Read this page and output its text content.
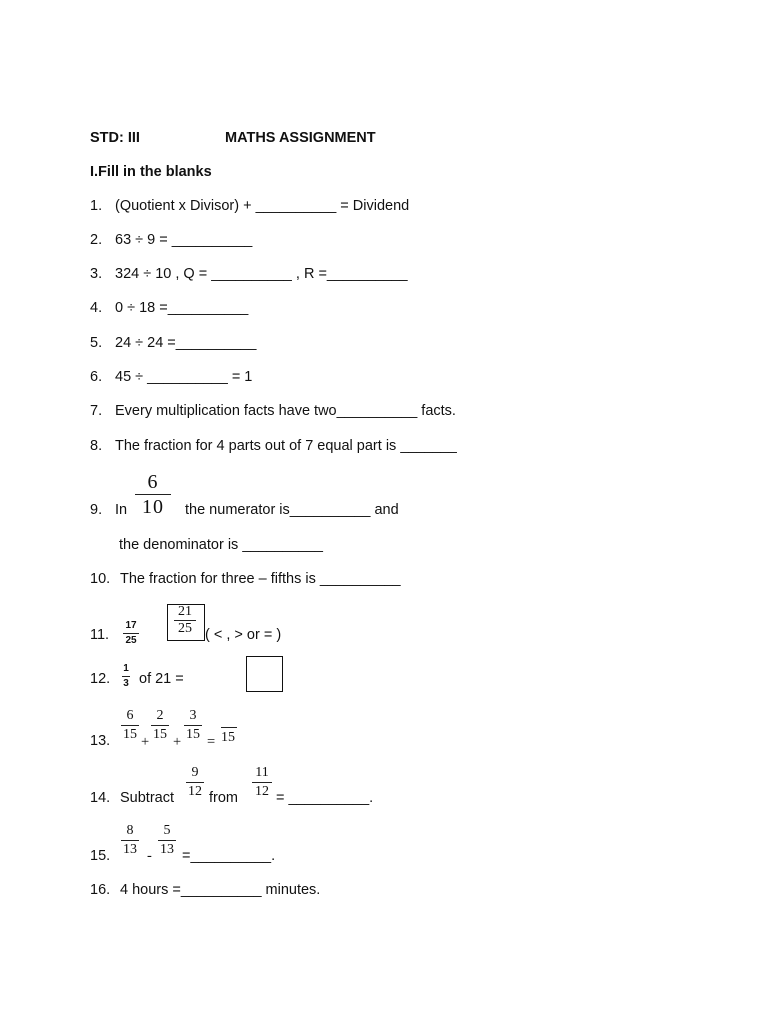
STD: III	MATHS ASSIGNMENT
I.Fill in the blanks
1. (Quotient x Divisor) + __________ = Dividend
2. 63 ÷ 9 = __________
3. 324 ÷ 10 , Q = __________ , R =__________
4. 0 ÷ 18 =__________
5. 24 ÷ 24 =__________
6. 45 ÷ __________ = 1
7. Every multiplication facts have two__________ facts.
8. The fraction for 4 parts out of 7 equal part is _______
9. In
6
10	the numerator is__________ and
the denominator is __________
10. The fraction for three – fifths is __________
11.
17
25
21
25 ( < , > or = )
12.
1
3 of 21 =
13.
6
15 +
2
15 +
3
15 = 15
14. Subtract
9
12 from
11
12 = __________.
15.
8
13 -
5
13 =__________.
16. 4 hours =__________ minutes.
